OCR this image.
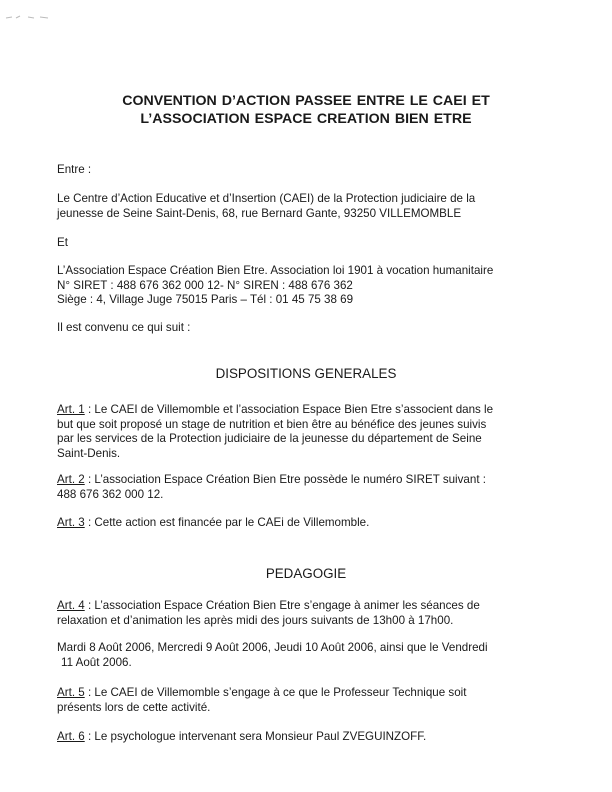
CONVENTION D’ACTION PASSEE ENTRE LE CAEI ET
L’ASSOCIATION ESPACE CREATION BIEN ETRE
Entre :
Le Centre d’Action Educative et d’Insertion (CAEI) de la Protection judiciaire de la
jeunesse de Seine Saint-Denis, 68, rue Bernard Gante, 93250 VILLEMOMBLE
Et
L’Association Espace Création Bien Etre. Association loi 1901 à vocation humanitaire
N° SIRET : 488 676 362 000 12- N° SIREN : 488 676 362
Siège : 4, Village Juge 75015 Paris – Tél : 01 45 75 38 69
Il est convenu ce qui suit :
DISPOSITIONS GENERALES
Art. 1 : Le CAEI de Villemomble et l’association Espace Bien Etre s’associent dans le
but que soit proposé un stage de nutrition et bien être au bénéfice des jeunes suivis
par les services de la Protection judiciaire de la jeunesse du département de Seine
Saint-Denis.
Art. 2 : L’association Espace Création Bien Etre possède le numéro SIRET suivant :
488 676 362 000 12.
Art. 3 : Cette action est financée par le CAEi de Villemomble.
PEDAGOGIE
Art. 4 : L’association Espace Création Bien Etre s’engage à animer les séances de
relaxation et d’animation les après midi des jours suivants de 13h00 à 17h00.
Mardi 8 Août 2006, Mercredi 9 Août 2006, Jeudi 10 Août 2006, ainsi que le Vendredi
11 Août 2006.
Art. 5 : Le CAEI de Villemomble s’engage à ce que le Professeur Technique soit
présents lors de cette activité.
Art. 6 : Le psychologue intervenant sera Monsieur Paul ZVEGUINZOFF.
